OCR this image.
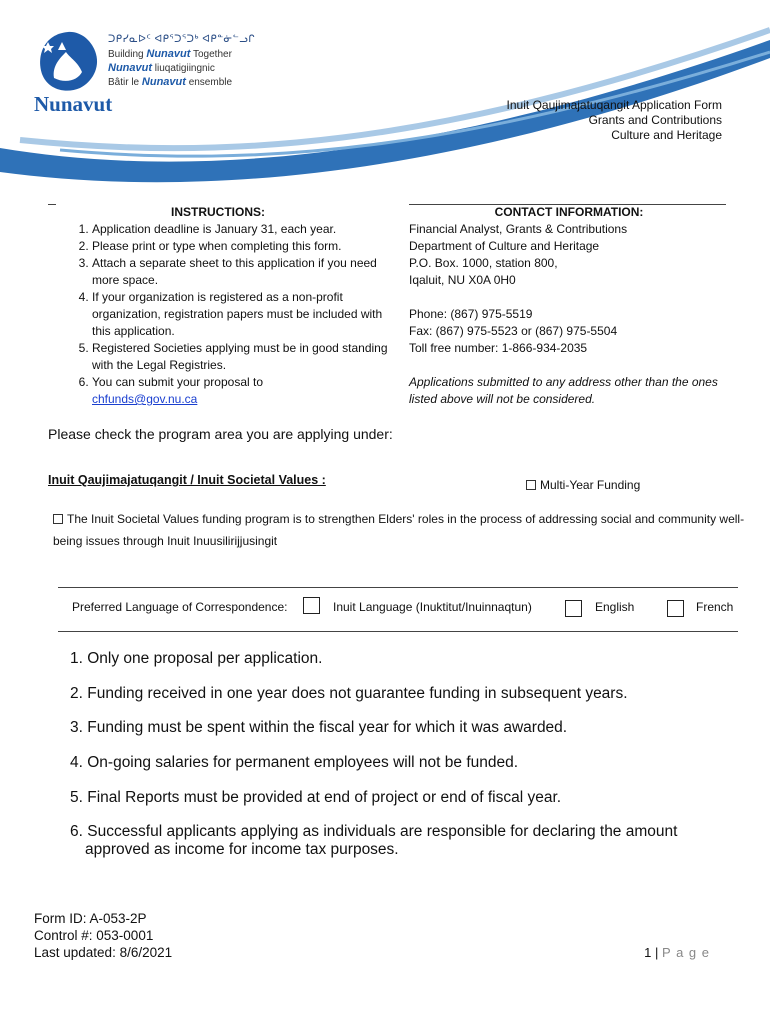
ᑐᑭᓯᓇᐅᑦ ᐊᑭᕐᑐᕐᑐᒃ ᐊᑭᓐᓃᓪᓗᒋ
Building Nunavut Together
Nunavut liuqatigiingnic
Bâtir le Nunavut ensemble
Nunavut	Inuit Qaujimajatuqangit Application Form
Grants and Contributions
Culture and Heritage
INSTRUCTIONS:
1. Application deadline is January 31, each year.
2. Please print or type when completing this form.
3. Attach a separate sheet to this application if you need more space.
4. If your organization is registered as a non-profit organization, registration papers must be included with this application.
5. Registered Societies applying must be in good standing with the Legal Registries.
6. You can submit your proposal to
chfunds@gov.nu.ca
CONTACT INFORMATION:
Financial Analyst, Grants & Contributions
Department of Culture and Heritage
P.O. Box. 1000, station 800,
Iqaluit, NU X0A 0H0
Phone: (867) 975-5519
Fax: (867) 975-5523 or (867) 975-5504
Toll free number: 1-866-934-2035
Applications submitted to any address other than the ones listed above will not be considered.
Please check the program area you are applying under:
Inuit Qaujimajatuqangit / Inuit Societal Values :	Multi-Year Funding
The Inuit Societal Values funding program is to strengthen Elders' roles in the process of addressing social and community well-being issues through Inuit Inuusilirijjusingit
Preferred Language of Correspondence:	Inuit Language (Inuktitut/Inuinnaqtun)	English	French
1. Only one proposal per application.
2. Funding received in one year does not guarantee funding in subsequent years.
3. Funding must be spent within the fiscal year for which it was awarded.
4. On-going salaries for permanent employees will not be funded.
5. Final Reports must be provided at end of project or end of fiscal year.
6. Successful applicants applying as individuals are responsible for declaring the amount
approved as income for income tax purposes.
Form ID: A-053-2P
Control #: 053-0001
Last updated: 8/6/2021	1 | P a g e
